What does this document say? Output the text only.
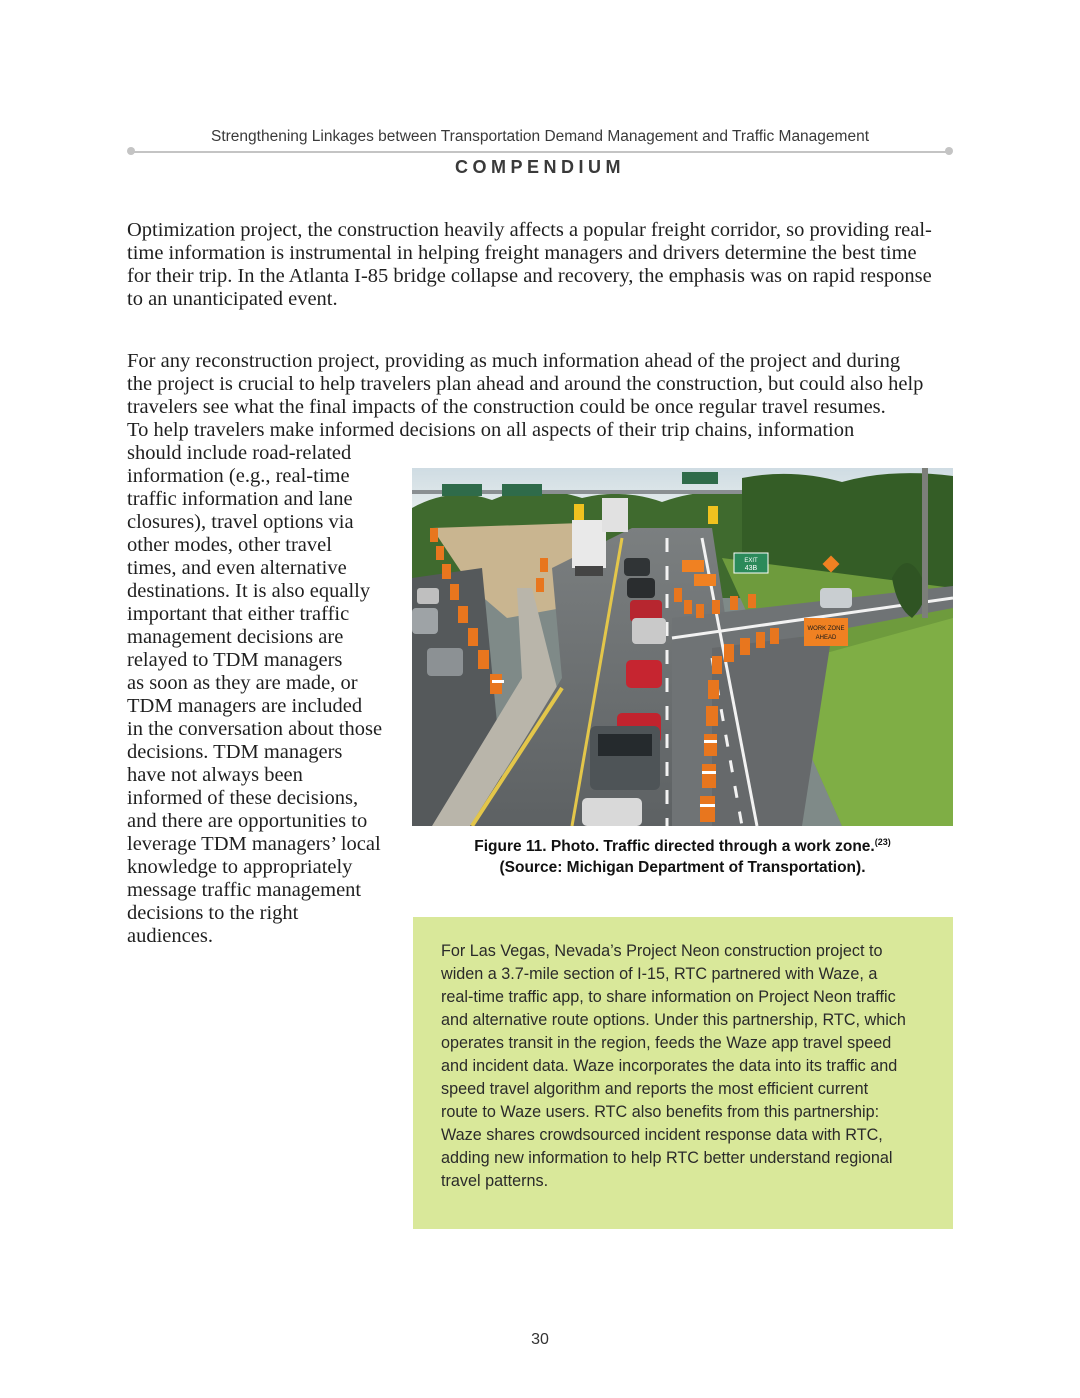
Strengthening Linkages between Transportation Demand Management and Traffic Management
COMPENDIUM

Optimization project, the construction heavily affects a popular freight corridor, so providing real-
time information is instrumental in helping freight managers and drivers determine the best time
for their trip. In the Atlanta I-85 bridge collapse and recovery, the emphasis was on rapid response
to an unanticipated event.

For any reconstruction project, providing as much information ahead of the project and during
the project is crucial to help travelers plan ahead and around the construction, but could also help
travelers see what the final impacts of the construction could be once regular travel resumes.
To help travelers make informed decisions on all aspects of their trip chains, information

should include road-related
information (e.g., real-time
traffic information and lane
closures), travel options via
other modes, other travel
times, and even alternative
destinations. It is also equally
important that either traffic
management decisions are
relayed to TDM managers
as soon as they are made, or
TDM managers are included
in the conversation about those
decisions. TDM managers
have not always been
informed of these decisions,
and there are opportunities to
leverage TDM managers’ local
knowledge to appropriately
message traffic management
decisions to the right
audiences.

EXIT
43B
WORK ZONE
AHEAD
Figure 11. Photo. Traffic directed through a work zone.$^{(23)}$
(Source: Michigan Department of Transportation).

For Las Vegas, Nevada’s Project Neon construction project to
widen a 3.7-mile section of I-15, RTC partnered with Waze, a
real-time traffic app, to share information on Project Neon traffic
and alternative route options. Under this partnership, RTC, which
operates transit in the region, feeds the Waze app travel speed
and incident data. Waze incorporates the data into its traffic and
speed travel algorithm and reports the most efficient current
route to Waze users. RTC also benefits from this partnership:
Waze shares crowdsourced incident response data with RTC,
adding new information to help RTC better understand regional
travel patterns.

30
